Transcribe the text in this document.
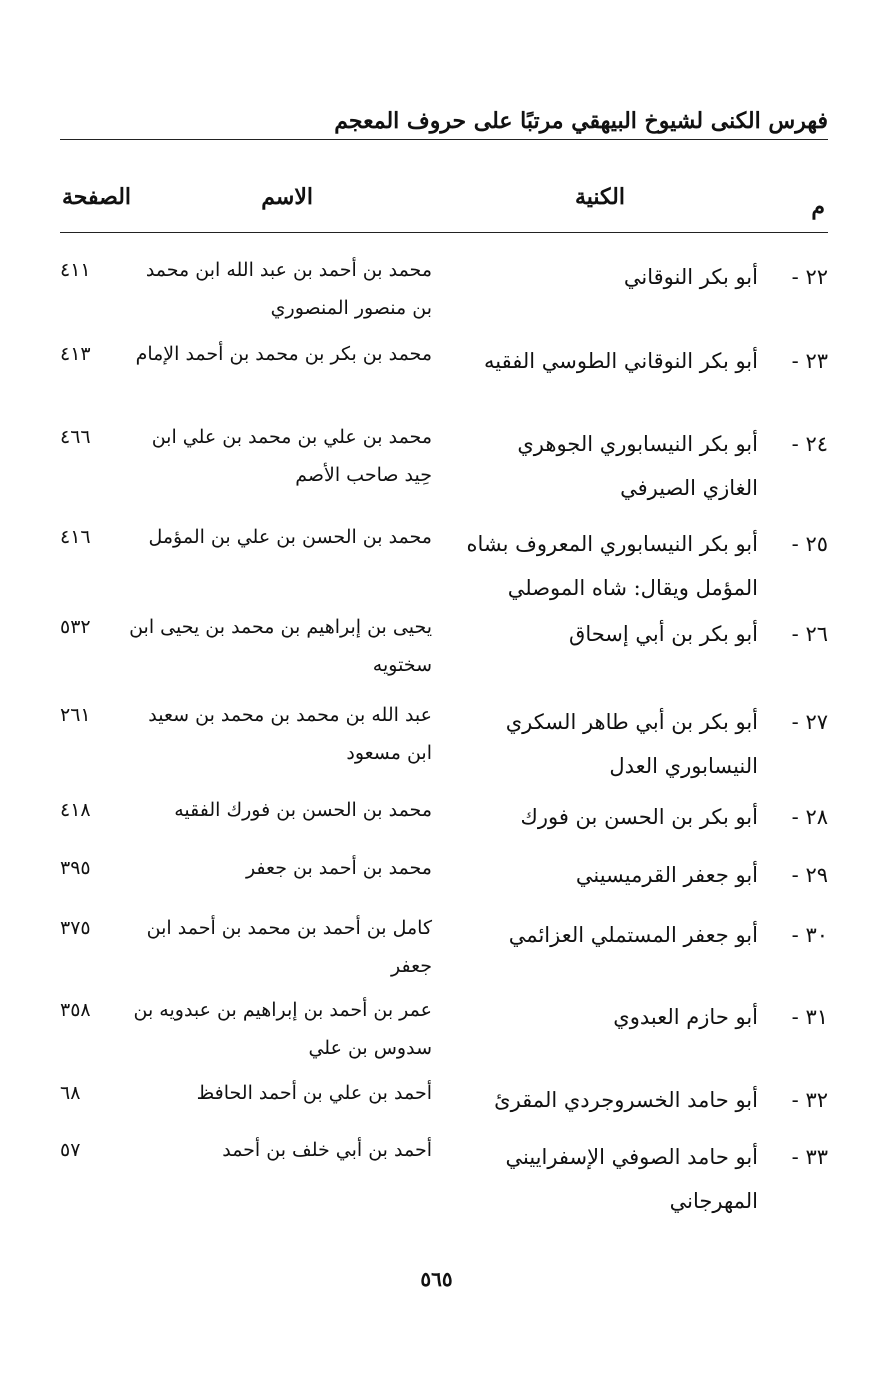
فهرس الكنى لشيوخ البيهقي مرتبًا على حروف المعجم
م
الكنية
الاسم
الصفحة
٢٢ -
أبو بكر النوقاني
محمد بن أحمد بن عبد الله ابن محمد بن منصور المنصوري
٤١١
٢٣ -
أبو بكر النوقاني الطوسي الفقيه
محمد بن بكر بن محمد بن أحمد الإمام
٤١٣
٢٤ -
أبو بكر النيسابوري الجوهري الغازي الصيرفي
محمد بن علي بن محمد بن علي ابن حِيد صاحب الأصم
٤٦٦
٢٥ -
أبو بكر النيسابوري المعروف بشاه المؤمل ويقال: شاه الموصلي
محمد بن الحسن بن علي بن المؤمل
٤١٦
٢٦ -
أبو بكر بن أبي إسحاق
يحيى بن إبراهيم بن محمد بن يحيى ابن سختويه
٥٣٢
٢٧ -
أبو بكر بن أبي طاهر السكري النيسابوري العدل
عبد الله بن محمد بن محمد بن سعيد ابن مسعود
٢٦١
٢٨ -
أبو بكر بن الحسن بن فورك
محمد بن الحسن بن فورك الفقيه
٤١٨
٢٩ -
أبو جعفر القرميسيني
محمد بن أحمد بن جعفر
٣٩٥
٣٠ -
أبو جعفر المستملي العزائمي
كامل بن أحمد بن محمد بن أحمد ابن جعفر
٣٧٥
٣١ -
أبو حازم العبدوي
عمر بن أحمد بن إبراهيم بن عبدويه بن سدوس بن علي
٣٥٨
٣٢ -
أبو حامد الخسروجردي المقرئ
أحمد بن علي بن أحمد الحافظ
٦٨
٣٣ -
أبو حامد الصوفي الإسفراييني المهرجاني
أحمد بن أبي خلف بن أحمد
٥٧
٥٦٥
